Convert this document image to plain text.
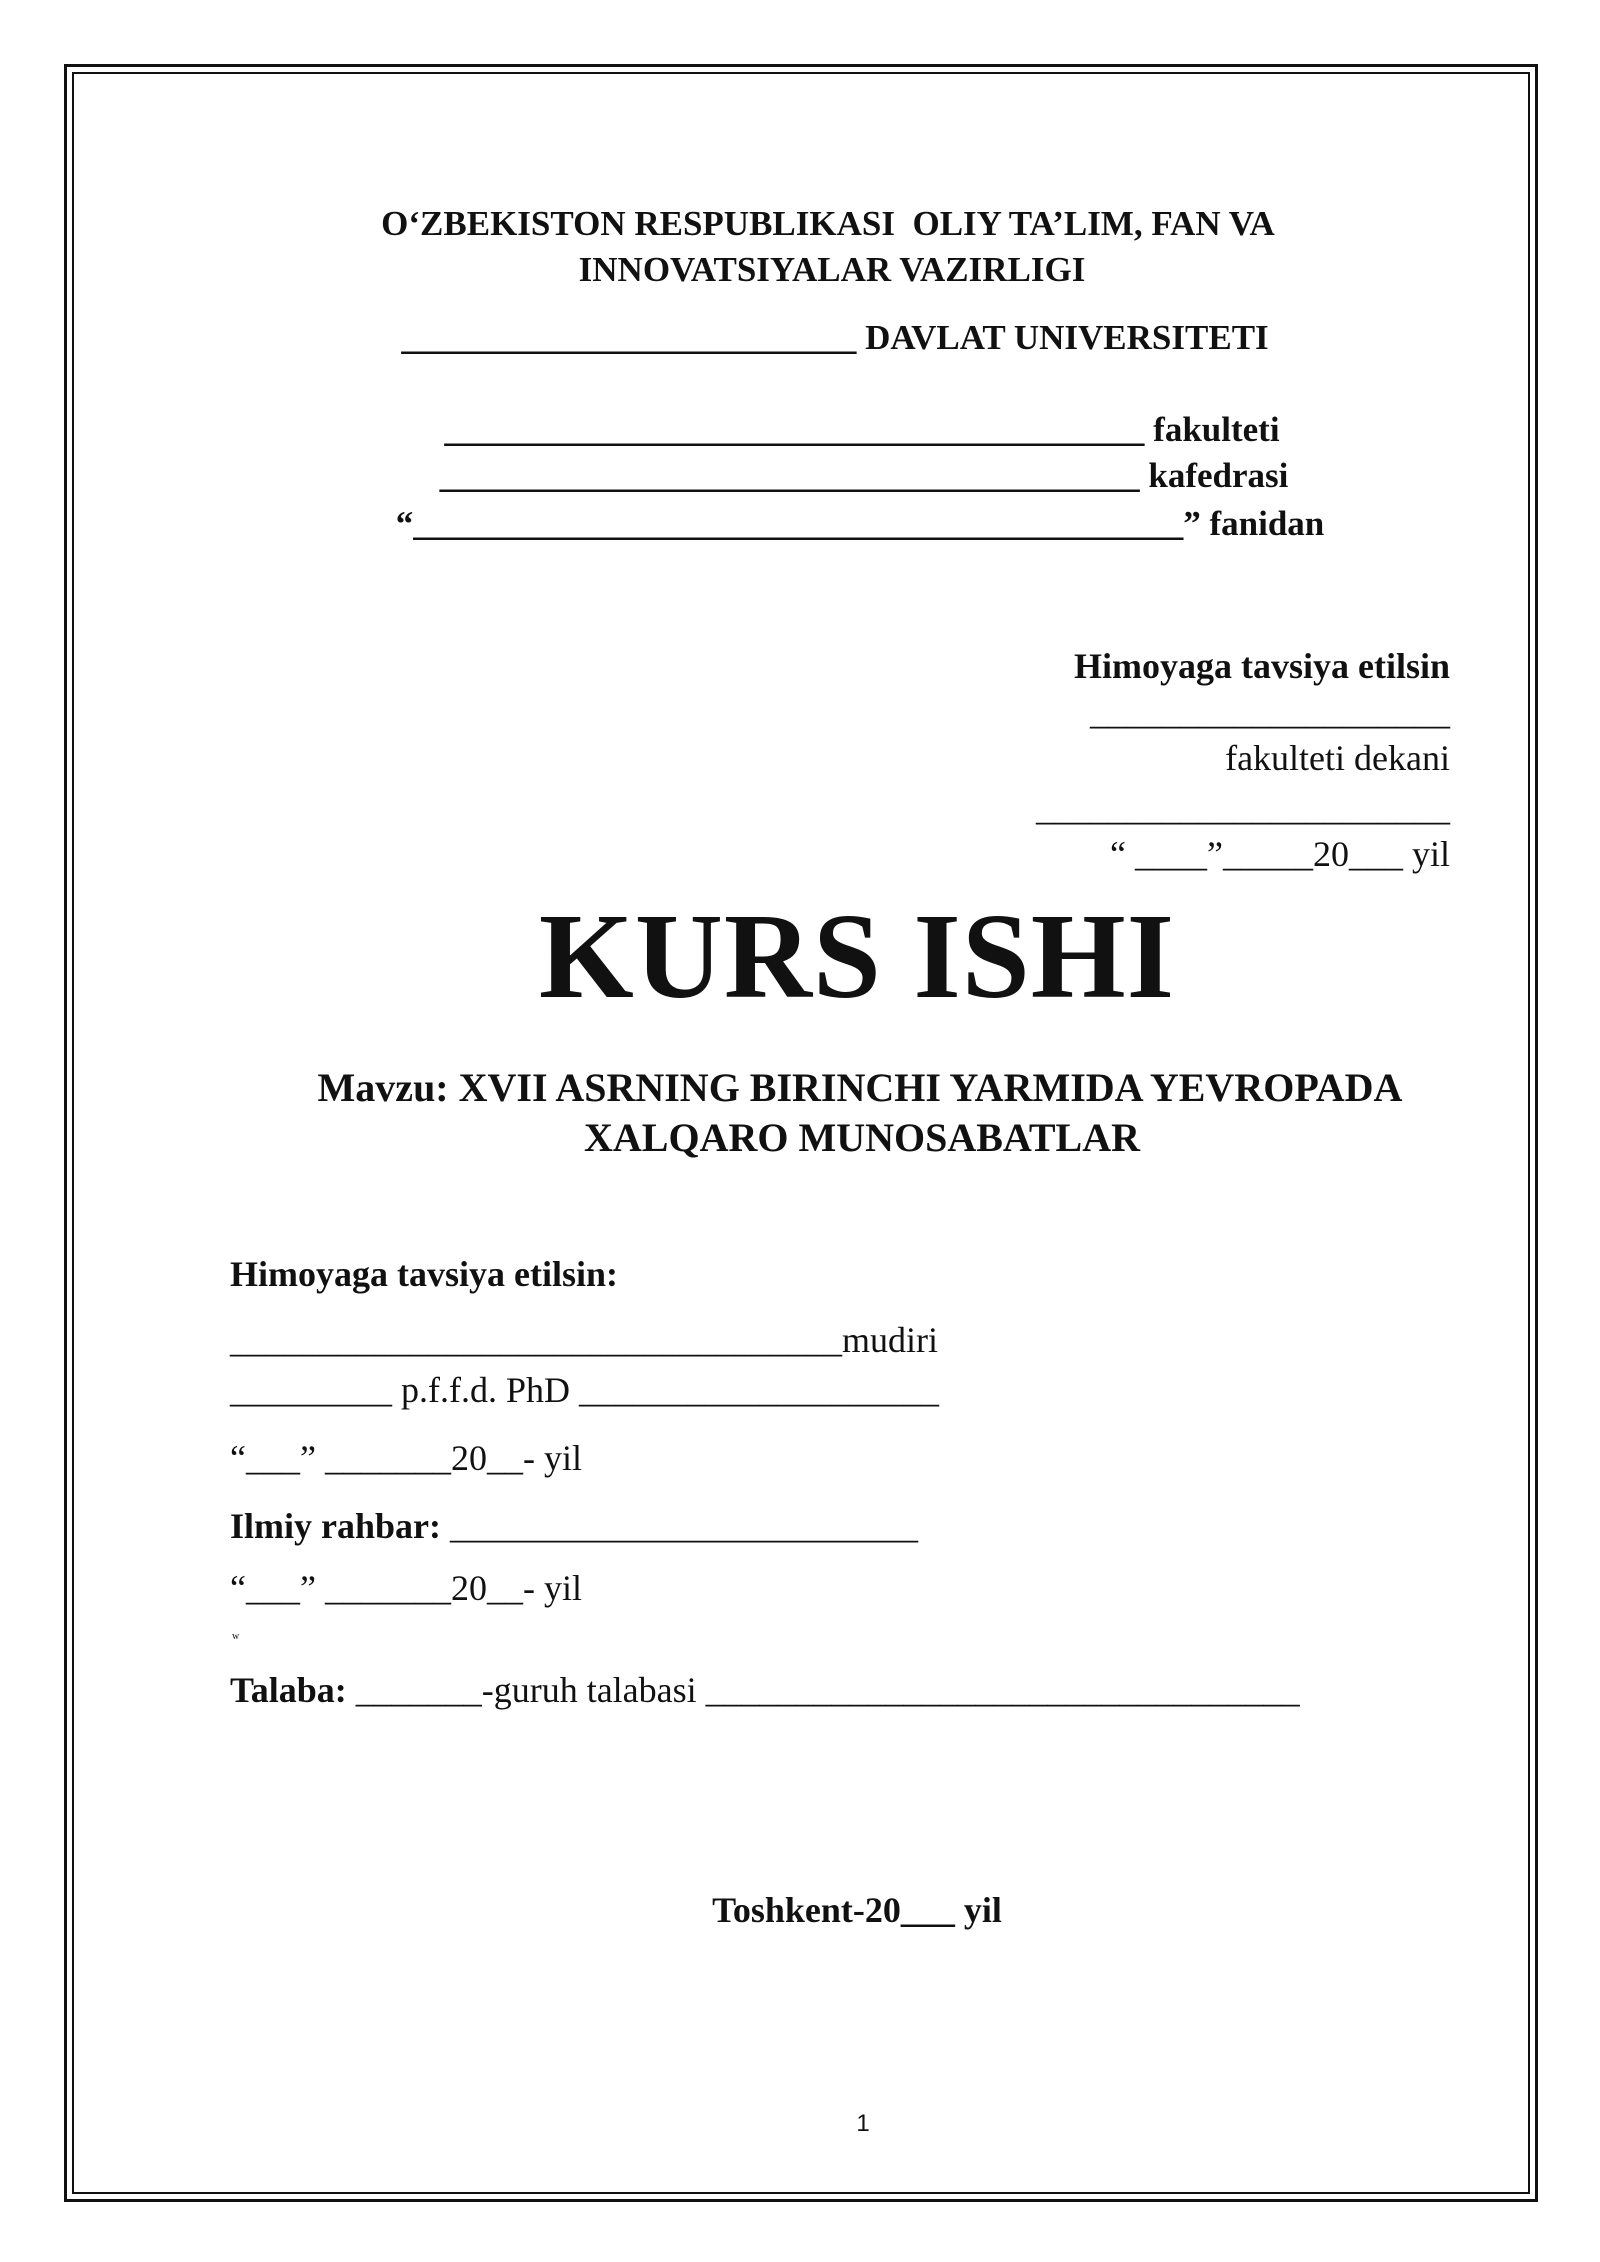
O‘ZBEKISTON RESPUBLIKASI  OLIY TA’LIM, FAN VA
INNOVATSIYALAR VAZIRLIGI
__________________________ DAVLAT UNIVERSITETI
________________________________________ fakulteti
________________________________________ kafedrasi
“____________________________________________” fanidan
Himoyaga tavsiya etilsin
____________________
fakulteti dekani
_______________________
“ ____”_____20___ yil
KURS ISHI
Mavzu: XVII ASRNING BIRINCHI YARMIDA YEVROPADA
XALQARO MUNOSABATLAR
Himoyaga tavsiya etilsin:
__________________________________mudiri
_________ p.f.f.d. PhD ____________________
“___” _______20__- yil
Ilmiy rahbar: __________________________
“___” _______20__- yil
w
Talaba: _______-guruh talabasi _________________________________
Toshkent-20___ yil
1
